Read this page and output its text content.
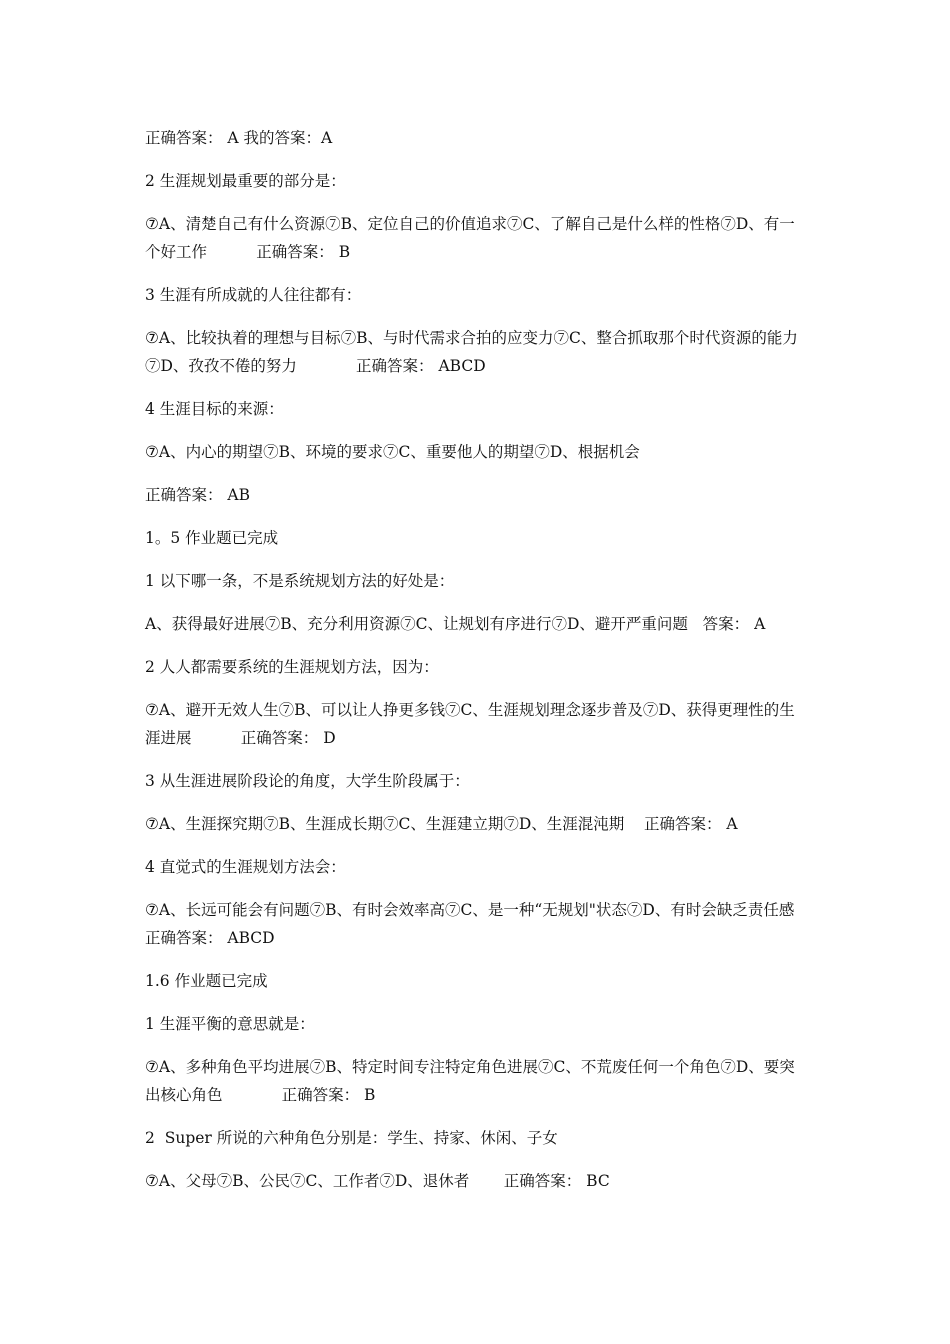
正确答案： A 我的答案：A

2 生涯规划最重要的部分是：

⑦A、清楚自己有什么资源⑦B、定位自己的价值追求⑦C、了解自己是什么样的性格⑦D、有一个好工作          正确答案： B

3 生涯有所成就的人往往都有：

⑦A、比较执着的理想与目标⑦B、与时代需求合拍的应变力⑦C、整合抓取那个时代资源的能力⑦D、孜孜不倦的努力            正确答案： ABCD

4 生涯目标的来源：

⑦A、内心的期望⑦B、环境的要求⑦C、重要他人的期望⑦D、根据机会

正确答案： AB

1。5 作业题已完成

1 以下哪一条，不是系统规划方法的好处是：

A、获得最好进展⑦B、充分利用资源⑦C、让规划有序进行⑦D、避开严重问题   答案： A

2 人人都需要系统的生涯规划方法，因为：

⑦A、避开无效人生⑦B、可以让人挣更多钱⑦C、生涯规划理念逐步普及⑦D、获得更理性的生涯进展          正确答案： D

3 从生涯进展阶段论的角度，大学生阶段属于：

⑦A、生涯探究期⑦B、生涯成长期⑦C、生涯建立期⑦D、生涯混沌期    正确答案： A

4 直觉式的生涯规划方法会：

⑦A、长远可能会有问题⑦B、有时会效率高⑦C、是一种“无规划"状态⑦D、有时会缺乏责任感                  正确答案： ABCD

1.6 作业题已完成

1 生涯平衡的意思就是：

⑦A、多种角色平均进展⑦B、特定时间专注特定角色进展⑦C、不荒废任何一个角色⑦D、要突出核心角色            正确答案： B

2  Super 所说的六种角色分别是：学生、持家、休闲、子女

⑦A、父母⑦B、公民⑦C、工作者⑦D、退休者       正确答案： BC
